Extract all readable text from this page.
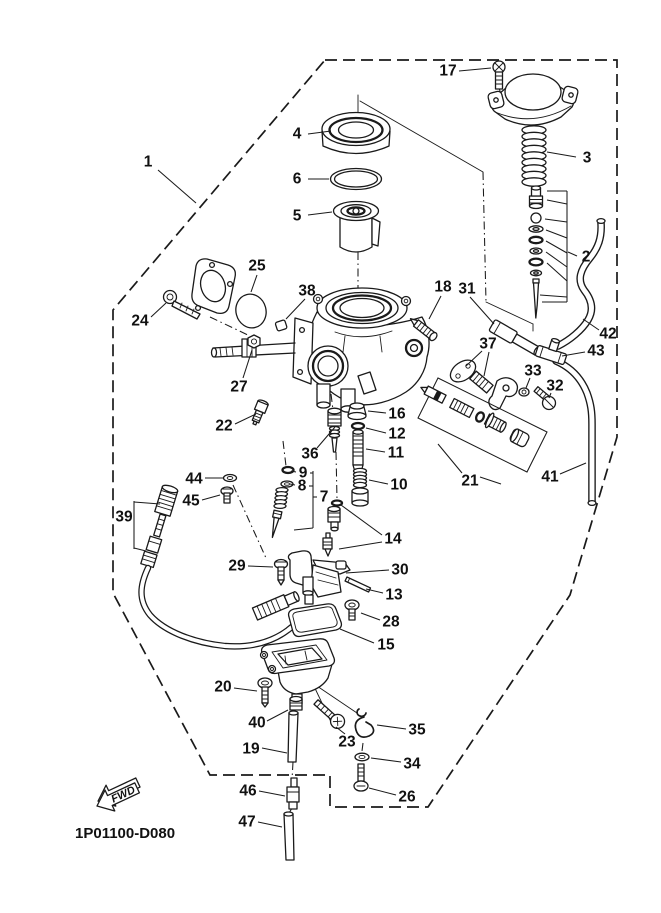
1
2
3
4
5
6
7
8
9
10
11
12
13
14
15
16
17
18
19
20
21
22
23
24
25
26
27
28
29	30
31
32
33
34
35
36
37
38
39
40
41
42
43
44
45
46
47
FWD
1P01100-D080
